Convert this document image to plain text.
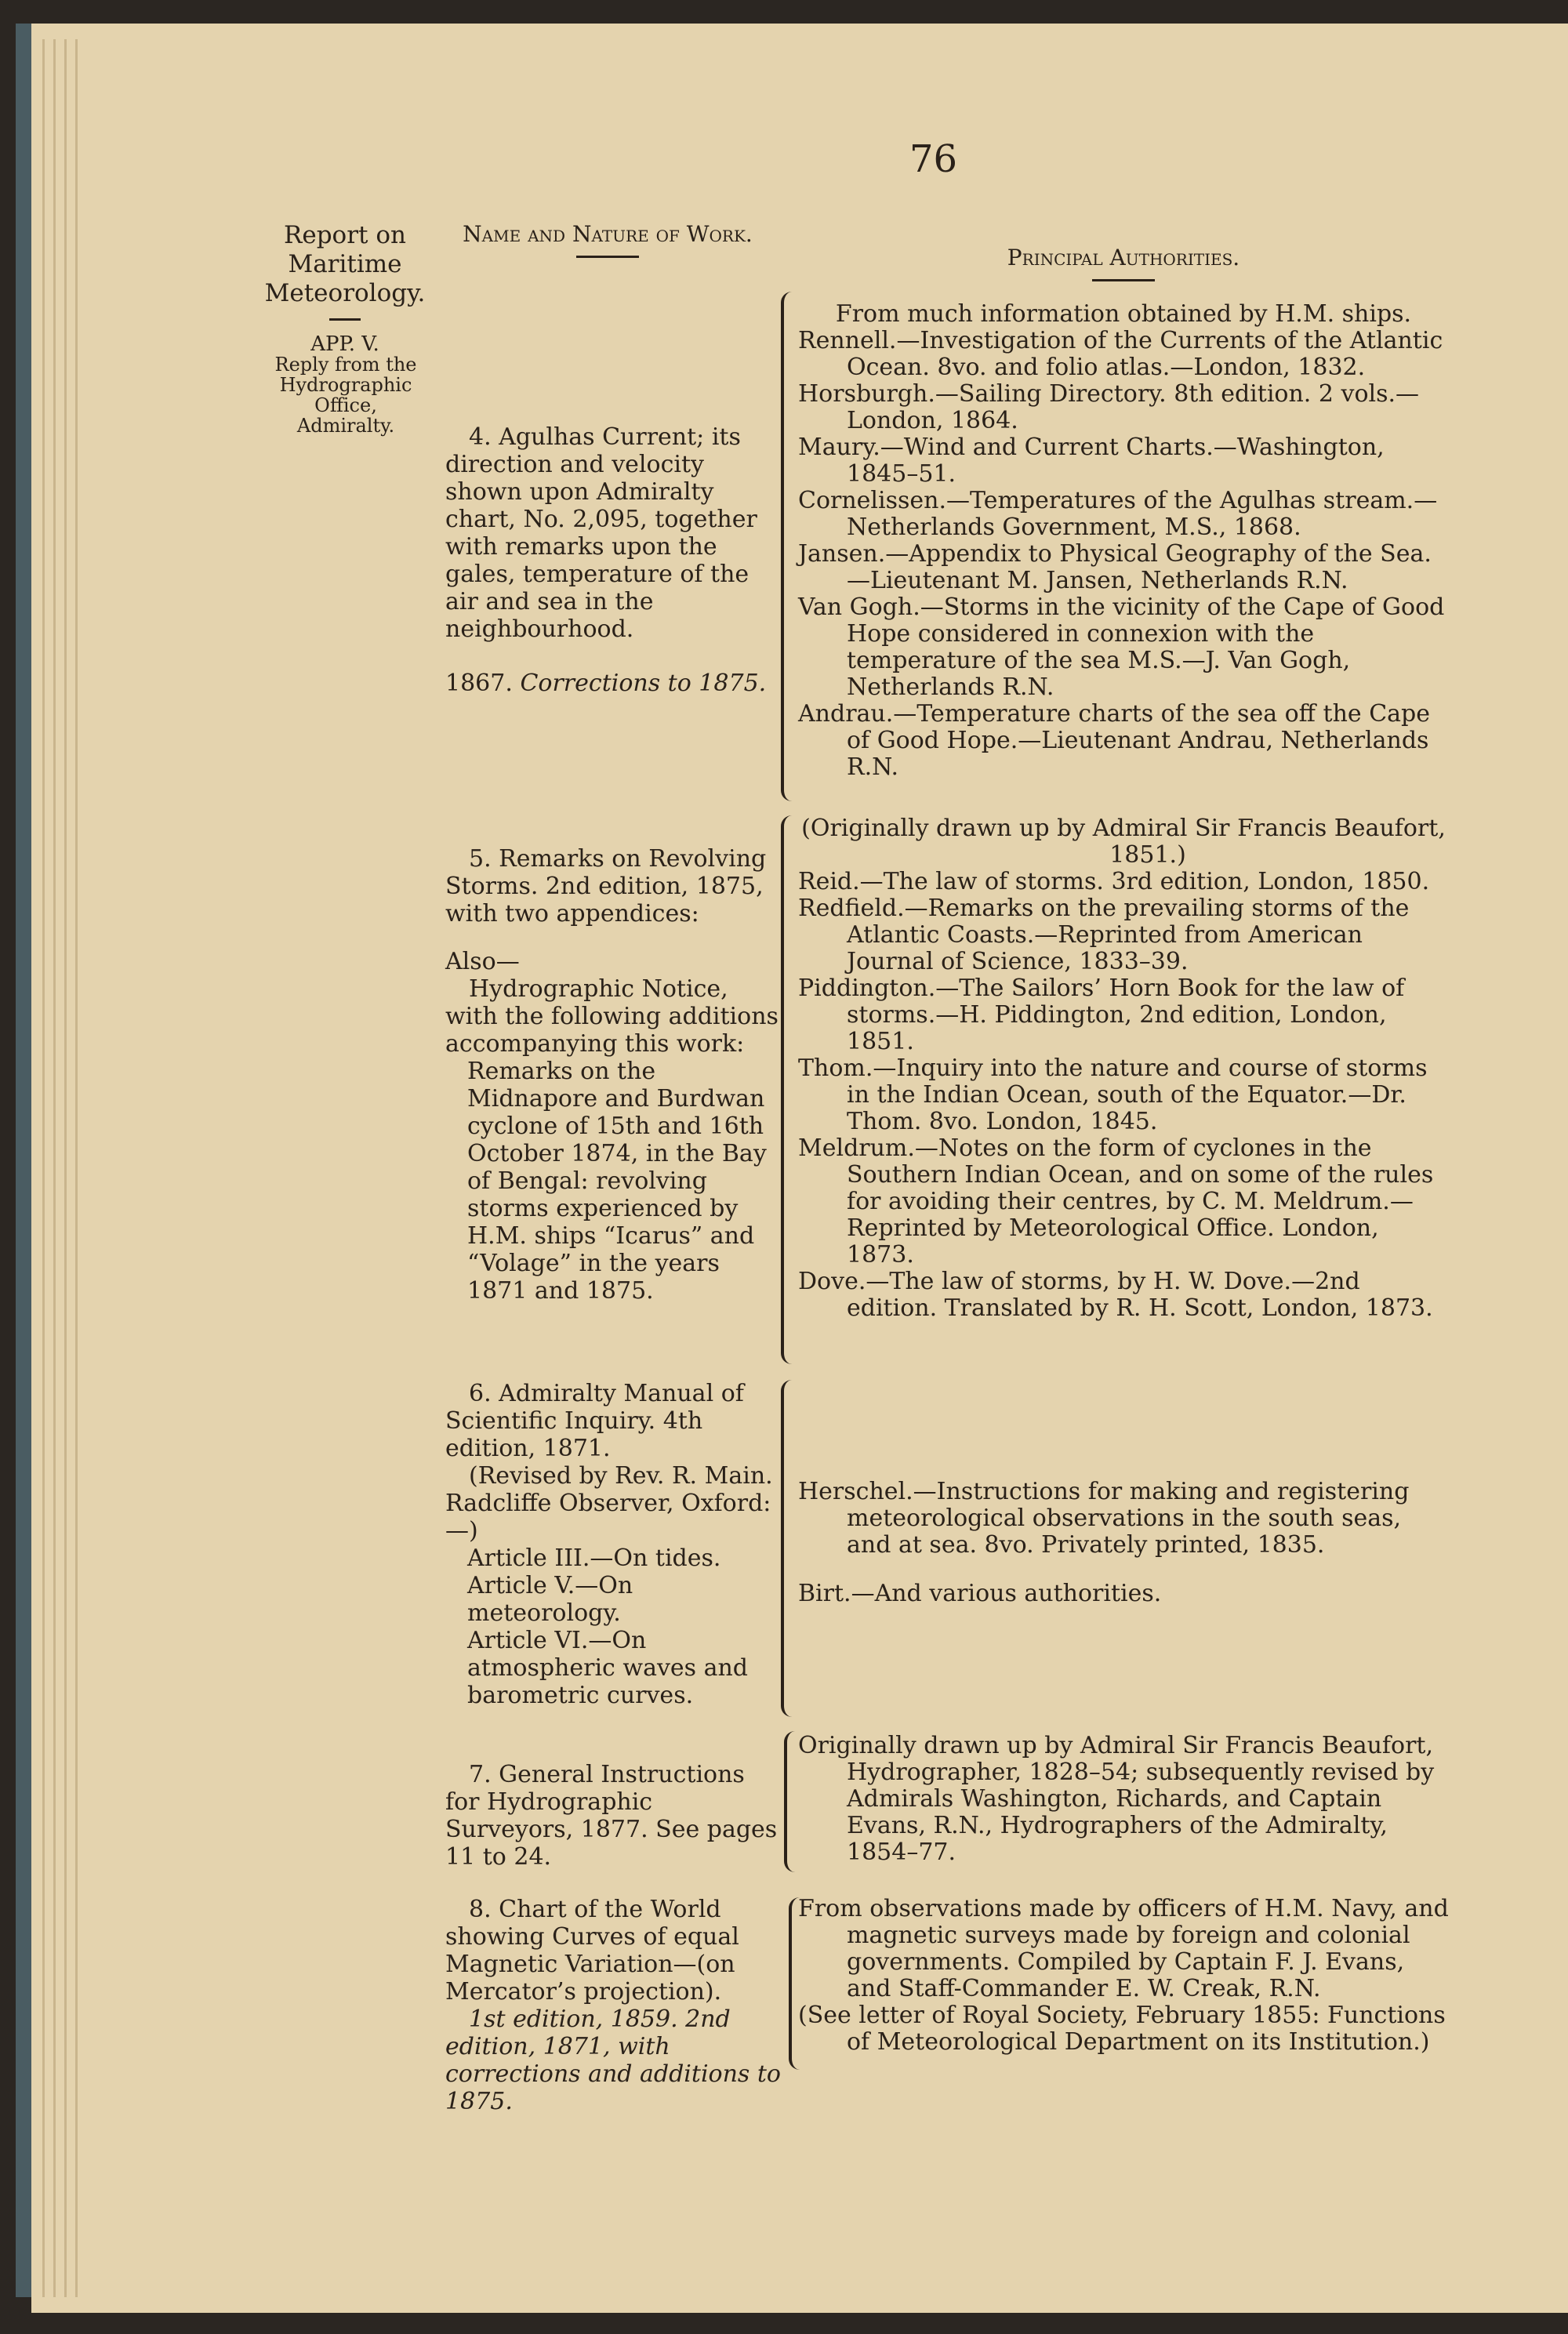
76
Report on Maritime Meteorology.
APP. V.
Reply from the Hydrographic Office, Admiralty.
Name and Nature of Work.
Principal Authorities.

4. Agulhas Current; its direction and velocity shown upon Admiralty chart, No. 2,095, together with remarks upon the gales, temperature of the air and sea in the neighbourhood.

1867. Corrections to 1875.

From much information obtained by H.M. ships.

Rennell.—Investigation of the Currents of the Atlantic Ocean. 8vo. and folio atlas.—London, 1832.

Horsburgh.—Sailing Directory. 8th edition. 2 vols.—London, 1864.

Maury.—Wind and Current Charts.—Washington, 1845–51.

Cornelissen.—Temperatures of the Agulhas stream.—Netherlands Government, M.S., 1868.

Jansen.—Appendix to Physical Geography of the Sea.—Lieutenant M. Jansen, Netherlands R.N.

Van Gogh.—Storms in the vicinity of the Cape of Good Hope considered in connexion with the temperature of the sea M.S.—J. Van Gogh, Netherlands R.N.

Andrau.—Temperature charts of the sea off the Cape of Good Hope.—Lieutenant Andrau, Netherlands R.N.

5. Remarks on Revolving Storms. 2nd edition, 1875, with two appendices:

Also—

Hydrographic Notice, with the following additions accompanying this work:

Remarks on the Midnapore and Burdwan cyclone of 15th and 16th October 1874, in the Bay of Bengal: revolving storms experienced by H.M. ships “Icarus” and “Volage” in the years 1871 and 1875.

(Originally drawn up by Admiral Sir Francis Beaufort, 1851.)

Reid.—The law of storms. 3rd edition, London, 1850.

Redfield.—Remarks on the prevailing storms of the Atlantic Coasts.—Reprinted from American Journal of Science, 1833–39.

Piddington.—The Sailors’ Horn Book for the law of storms.—H. Piddington, 2nd edition, London, 1851.

Thom.—Inquiry into the nature and course of storms in the Indian Ocean, south of the Equator.—Dr. Thom. 8vo. London, 1845.

Meldrum.—Notes on the form of cyclones in the Southern Indian Ocean, and on some of the rules for avoiding their centres, by C. M. Meldrum.—Reprinted by Meteorological Office. London, 1873.

Dove.—The law of storms, by H. W. Dove.—2nd edition. Translated by R. H. Scott, London, 1873.

6. Admiralty Manual of Scientific Inquiry. 4th edition, 1871.

(Revised by Rev. R. Main. Radcliffe Observer, Oxford:—)

Article III.—On tides.

Article V.—On meteorology.

Article VI.—On atmospheric waves and barometric curves.

Herschel.—Instructions for making and registering meteorological observations in the south seas, and at sea. 8vo. Privately printed, 1835.

Birt.—And various authorities.

7. General Instructions for Hydrographic Surveyors, 1877. See pages 11 to 24.

Originally drawn up by Admiral Sir Francis Beaufort, Hydrographer, 1828–54; subsequently revised by Admirals Washington, Richards, and Captain Evans, R.N., Hydrographers of the Admiralty, 1854–77.

8. Chart of the World showing Curves of equal Magnetic Variation—(on Mercator’s projection).

1st edition, 1859. 2nd edition, 1871, with corrections and additions to 1875.

From observations made by officers of H.M. Navy, and magnetic surveys made by foreign and colonial governments. Compiled by Captain F. J. Evans, and Staff-Commander E. W. Creak, R.N.

(See letter of Royal Society, February 1855: Functions of Meteorological Department on its Institution.)
